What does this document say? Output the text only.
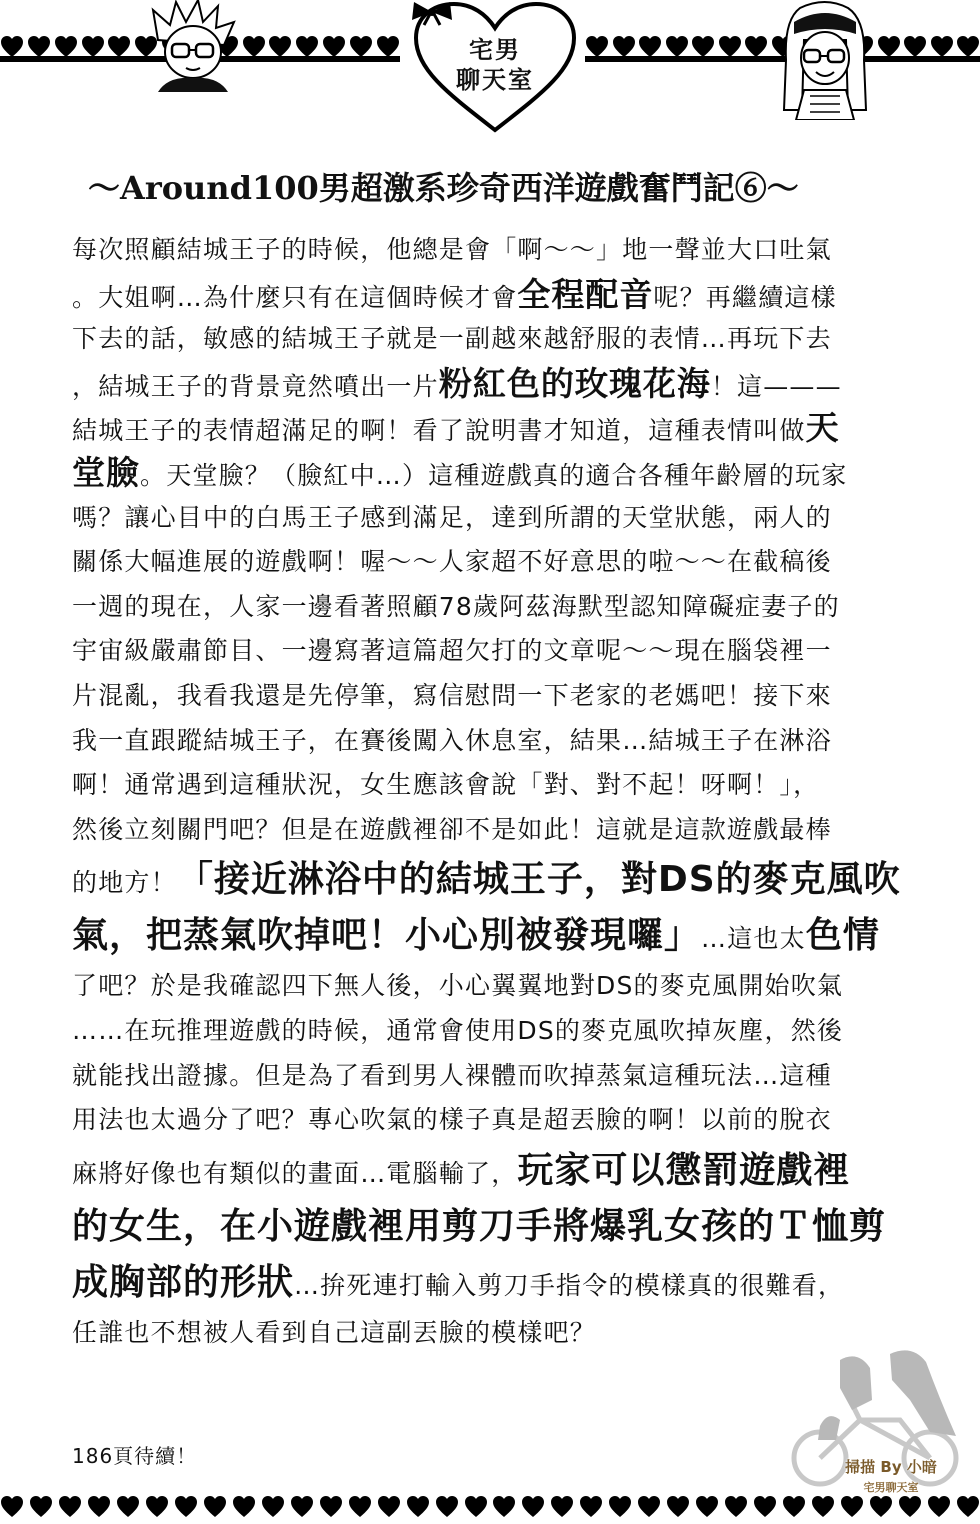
宅男
聊天室
～Around100男超激系珍奇西洋遊戲奮鬥記⑥～
每次照顧結城王子的時候，他總是會「啊～～」地一聲並大口吐氣
。大姐啊…為什麼只有在這個時候才會全程配音呢？再繼續這樣
下去的話，敏感的結城王子就是一副越來越舒服的表情…再玩下去
，結城王子的背景竟然噴出一片粉紅色的玫瑰花海！這———
結城王子的表情超滿足的啊！看了說明書才知道，這種表情叫做天
堂臉。天堂臉？（臉紅中…）這種遊戲真的適合各種年齡層的玩家
嗎？讓心目中的白馬王子感到滿足，達到所謂的天堂狀態，兩人的
關係大幅進展的遊戲啊！喔～～人家超不好意思的啦～～在截稿後
一週的現在，人家一邊看著照顧78歲阿茲海默型認知障礙症妻子的
宇宙級嚴肅節目、一邊寫著這篇超欠打的文章呢～～現在腦袋裡一
片混亂，我看我還是先停筆，寫信慰問一下老家的老媽吧！接下來
我一直跟蹤結城王子，在賽後闖入休息室，結果…結城王子在淋浴
啊！通常遇到這種狀況，女生應該會說「對、對不起！呀啊！」，
然後立刻關門吧？但是在遊戲裡卻不是如此！這就是這款遊戲最棒
的地方！「接近淋浴中的結城王子，對DS的麥克風吹
氣，把蒸氣吹掉吧！小心別被發現囉」…這也太色情
了吧？於是我確認四下無人後，小心翼翼地對DS的麥克風開始吹氣
……在玩推理遊戲的時候，通常會使用DS的麥克風吹掉灰塵，然後
就能找出證據。但是為了看到男人裸體而吹掉蒸氣這種玩法…這種
用法也太過分了吧？專心吹氣的樣子真是超丟臉的啊！以前的脫衣
麻將好像也有類似的畫面…電腦輸了，玩家可以懲罰遊戲裡
的女生，在小遊戲裡用剪刀手將爆乳女孩的Ｔ恤剪
成胸部的形狀…拚死連打輸入剪刀手指令的模樣真的很難看，
任誰也不想被人看到自己這副丟臉的模樣吧？
186頁待續！	掃描 By 小暗
宅男聊天室
